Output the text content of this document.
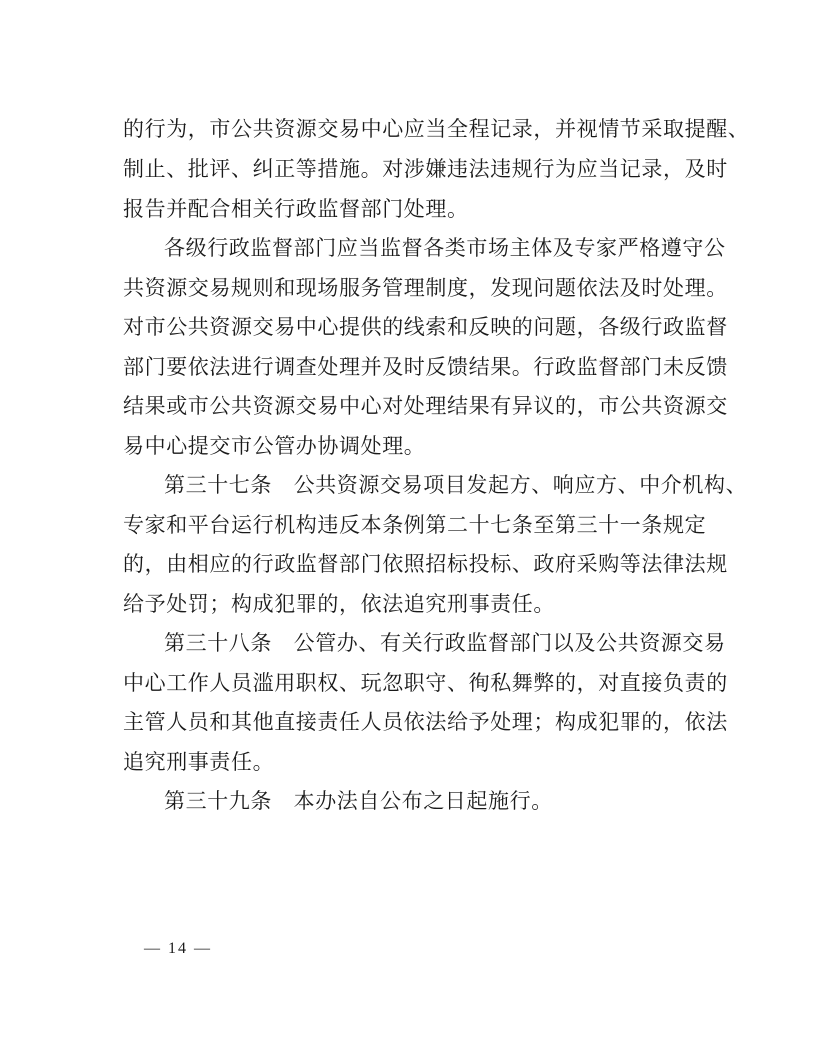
的行为，市公共资源交易中心应当全程记录，并视情节采取提醒、
制止、批评、纠正等措施。对涉嫌违法违规行为应当记录，及时
报告并配合相关行政监督部门处理。
各级行政监督部门应当监督各类市场主体及专家严格遵守公
共资源交易规则和现场服务管理制度，发现问题依法及时处理。
对市公共资源交易中心提供的线索和反映的问题，各级行政监督
部门要依法进行调查处理并及时反馈结果。行政监督部门未反馈
结果或市公共资源交易中心对处理结果有异议的，市公共资源交
易中心提交市公管办协调处理。
第三十七条　公共资源交易项目发起方、响应方、中介机构、
专家和平台运行机构违反本条例第二十七条至第三十一条规定
的，由相应的行政监督部门依照招标投标、政府采购等法律法规
给予处罚；构成犯罪的，依法追究刑事责任。
第三十八条　公管办、有关行政监督部门以及公共资源交易
中心工作人员滥用职权、玩忽职守、徇私舞弊的，对直接负责的
主管人员和其他直接责任人员依法给予处理；构成犯罪的，依法
追究刑事责任。
第三十九条　本办法自公布之日起施行。
— 14 —
